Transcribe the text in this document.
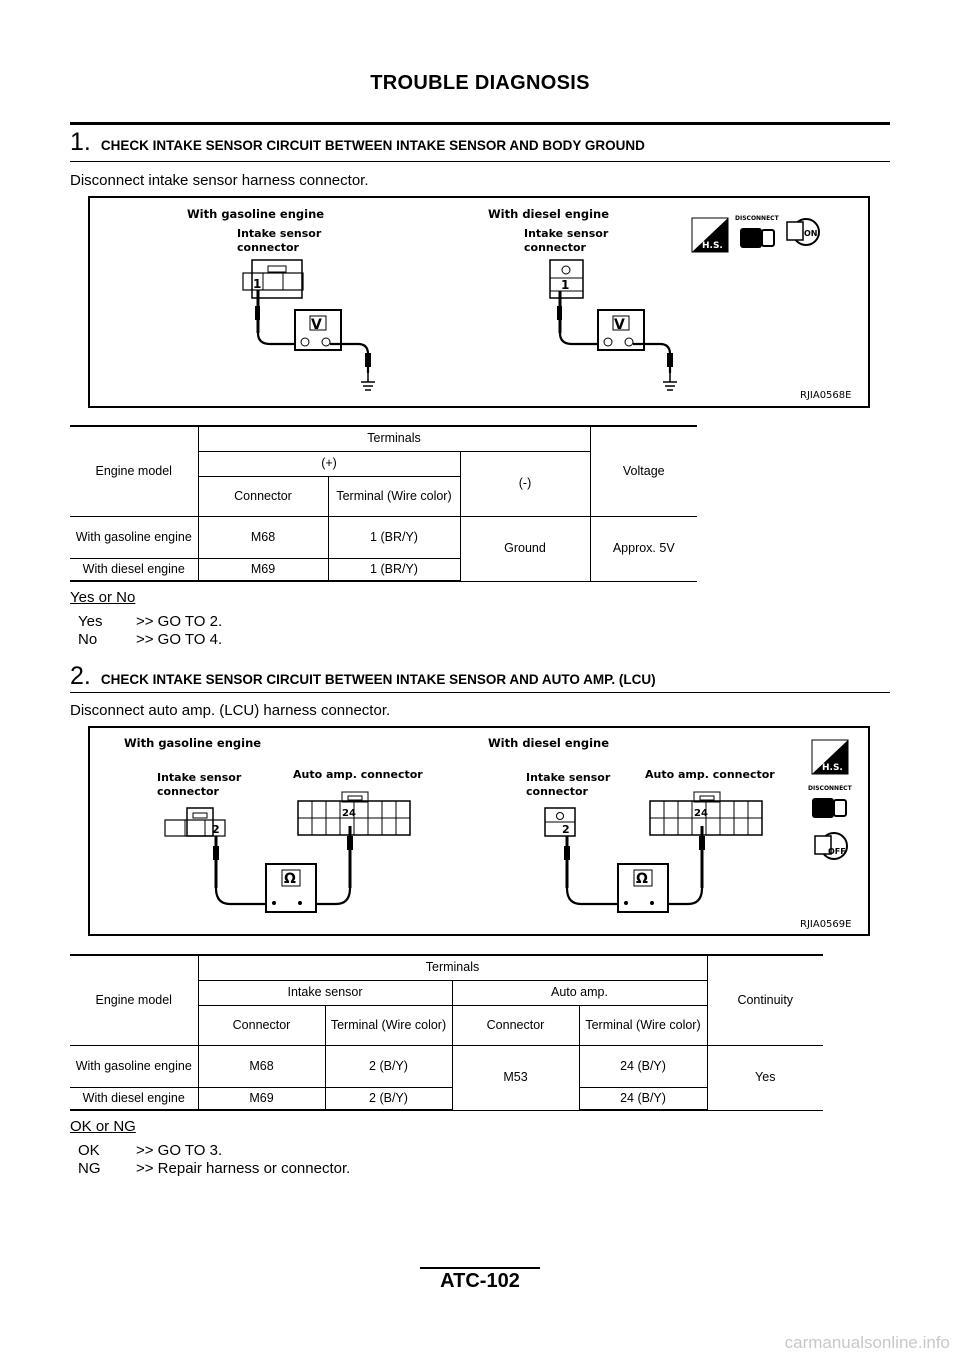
TROUBLE DIAGNOSIS
1. CHECK INTAKE SENSOR CIRCUIT BETWEEN INTAKE SENSOR AND BODY GROUND
Disconnect intake sensor harness connector.
With gasoline engine
Intake sensor
connector
1
V
With diesel engine
Intake sensor
connector
1
V
H.S.
DISCONNECT
ON
RJIA0568E
Engine model	Terminals			Voltage
	(+)		(-)	
	Connector	Terminal (Wire color)		
With gasoline engine	M68	1 (BR/Y)	Ground	Approx. 5V
With diesel engine	M69	1 (BR/Y)		
Yes or No
Yes	>> GO TO 2.
No	>> GO TO 4.
2. CHECK INTAKE SENSOR CIRCUIT BETWEEN INTAKE SENSOR AND AUTO AMP. (LCU)
Disconnect auto amp. (LCU) harness connector.
With gasoline engine
Intake sensor
connector
2
Auto amp. connector
24
Ω
With diesel engine
Intake sensor
connector
2
Auto amp. connector
24
Ω
H.S.
DISCONNECT
OFF
RJIA0569E
Engine model	Terminals				Continuity
	Intake sensor		Auto amp.		
	Connector	Terminal (Wire color)	Connector	Terminal (Wire color)	
With gasoline engine	M68	2 (B/Y)	M53	24 (B/Y)	Yes
With diesel engine	M69	2 (B/Y)		24 (B/Y)	
OK or NG
OK	>> GO TO 3.
NG	>> Repair harness or connector.
ATC-102
carmanualsonline.info
